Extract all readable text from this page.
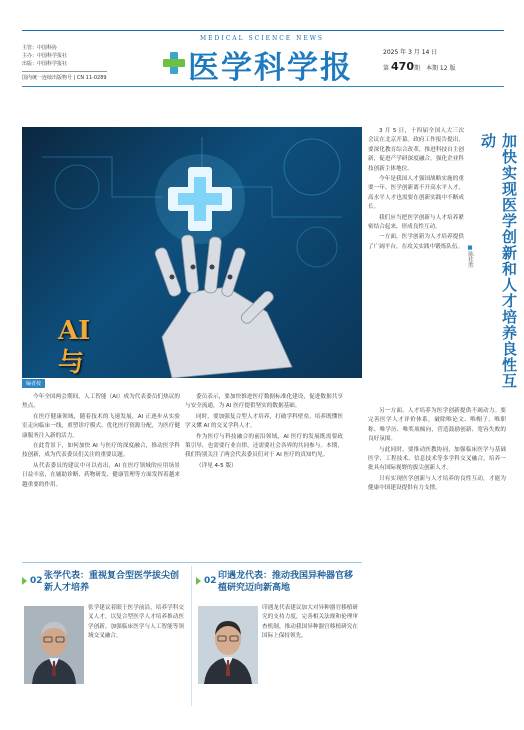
MEDICAL SCIENCE NEWS
主管：中国科协
主办：中国科学报社
出版：中国科学报社
国内统一连续出版物号 | CN 11-0289	医学科学报	2025 年 3 月 14 日
第 470期 本期 12 版
AI
与
编者按

今年全国两会期间，人工智能（AI）成为代表委员们热议的焦点。

在医疗健康领域，随着技术的飞速发展，AI 正逐步从实验室走向临床一线，重塑诊疗模式、优化医疗资源分配，为医疗健康服务注入新的活力。

在此背景下，如何加快 AI 与医疗的深度融合，推动医学科技创新，成为代表委员们关注的重要议题。

从代表委员的建议中可以看出，AI 在医疗领域的应用场景日益丰富，在辅助诊断、药物研发、健康管理等方面发挥着越来越重要的作用。

委员表示，要加快推进医疗数据标准化建设，促进数据共享与安全流通，为 AI 医疗提供坚实的数据基础。

同时，要加强复合型人才培养，打破学科壁垒，培养既懂医学又懂 AI 的交叉学科人才。

作为医疗与科技融合的前沿领域，AI 医疗的发展既需要政策引导，也需要行业自律，还需要社会各界的共同参与。本期，我们特别关注了两会代表委员们对于 AI 医疗的真知灼见。

（详见 4-5 版）

3 月 5 日，十四届全国人大三次会议在北京开幕。政府工作报告提出，要深化教育综合改革，推进科技自主创新，促进产学研深度融合，强化企业科技创新主体地位。

今年是我国人才强国战略实施的重要一年。医学创新离不开高水平人才，高水平人才也需要在创新实践中不断成长。

我们应当把医学创新与人才培养紧密结合起来，形成良性互动。

一方面，医学创新为人才培养提供了广阔平台，在攻关实践中锻炼队伍。	加快实现医学创新和人才培养良性互动
■陈桂胜

另一方面，人才培养为医学创新提供不竭动力。要完善医学人才评价体系，破除唯论文、唯帽子、唯职称、唯学历、唯奖项倾向，营造鼓励创新、宽容失败的良好氛围。

与此同时，要推动医教协同，加强临床医学与基础医学、工程技术、信息技术等多学科交叉融合，培养一批具有国际视野的拔尖创新人才。

只有实现医学创新与人才培养的良性互动，才能为健康中国建设提供有力支撑。

02 张学代表：重视复合型医学拔尖创新人才培养
张学建议着眼于医学前沿，培养学科交叉人才，以复合型医学人才培养推动医学创新，加强临床医学与人工智能等领域交叉融合。
02 印遇龙代表：推动我国异种器官移植研究迈向新高地
印遇龙代表建议加大对异种器官移植研究的支持力度，完善相关法规和伦理审查机制，推动我国异种器官移植研究在国际上保持领先。
